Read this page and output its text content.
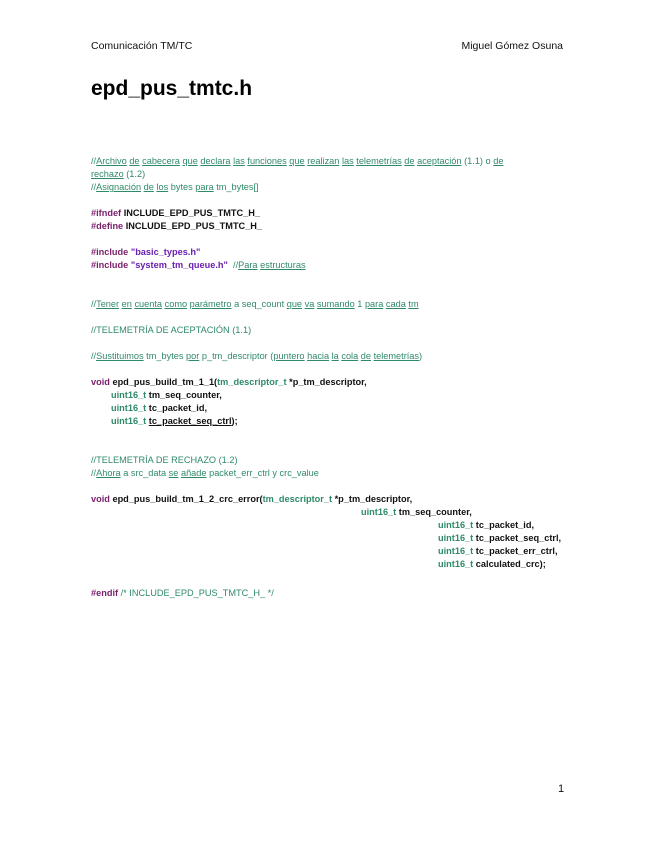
Comunicación TM/TC	Miguel Gómez Osuna
epd_pus_tmtc.h
//Archivo de cabecera que declara las funciones que realizan las telemetrías de aceptación (1.1) o de
rechazo (1.2)
//Asignación de los bytes para tm_bytes[]
#ifndef INCLUDE_EPD_PUS_TMTC_H_
#define INCLUDE_EPD_PUS_TMTC_H_
#include "basic_types.h"
#include "system_tm_queue.h" //Para estructuras
//Tener en cuenta como parámetro a seq_count que va sumando 1 para cada tm
//TELEMETRÍA DE ACEPTACIÓN (1.1)
//Sustituimos tm_bytes por p_tm_descriptor (puntero hacia la cola de telemetrías)
void epd_pus_build_tm_1_1(tm_descriptor_t *p_tm_descriptor,
uint16_t tm_seq_counter,
uint16_t tc_packet_id,
uint16_t tc_packet_seq_ctrl);
//TELEMETRÍA DE RECHAZO (1.2)
//Ahora a src_data se añade packet_err_ctrl y crc_value
void epd_pus_build_tm_1_2_crc_error(tm_descriptor_t *p_tm_descriptor,
uint16_t tm_seq_counter,
uint16_t tc_packet_id,
uint16_t tc_packet_seq_ctrl,
uint16_t tc_packet_err_ctrl,
uint16_t calculated_crc);
#endif /* INCLUDE_EPD_PUS_TMTC_H_ */
1
